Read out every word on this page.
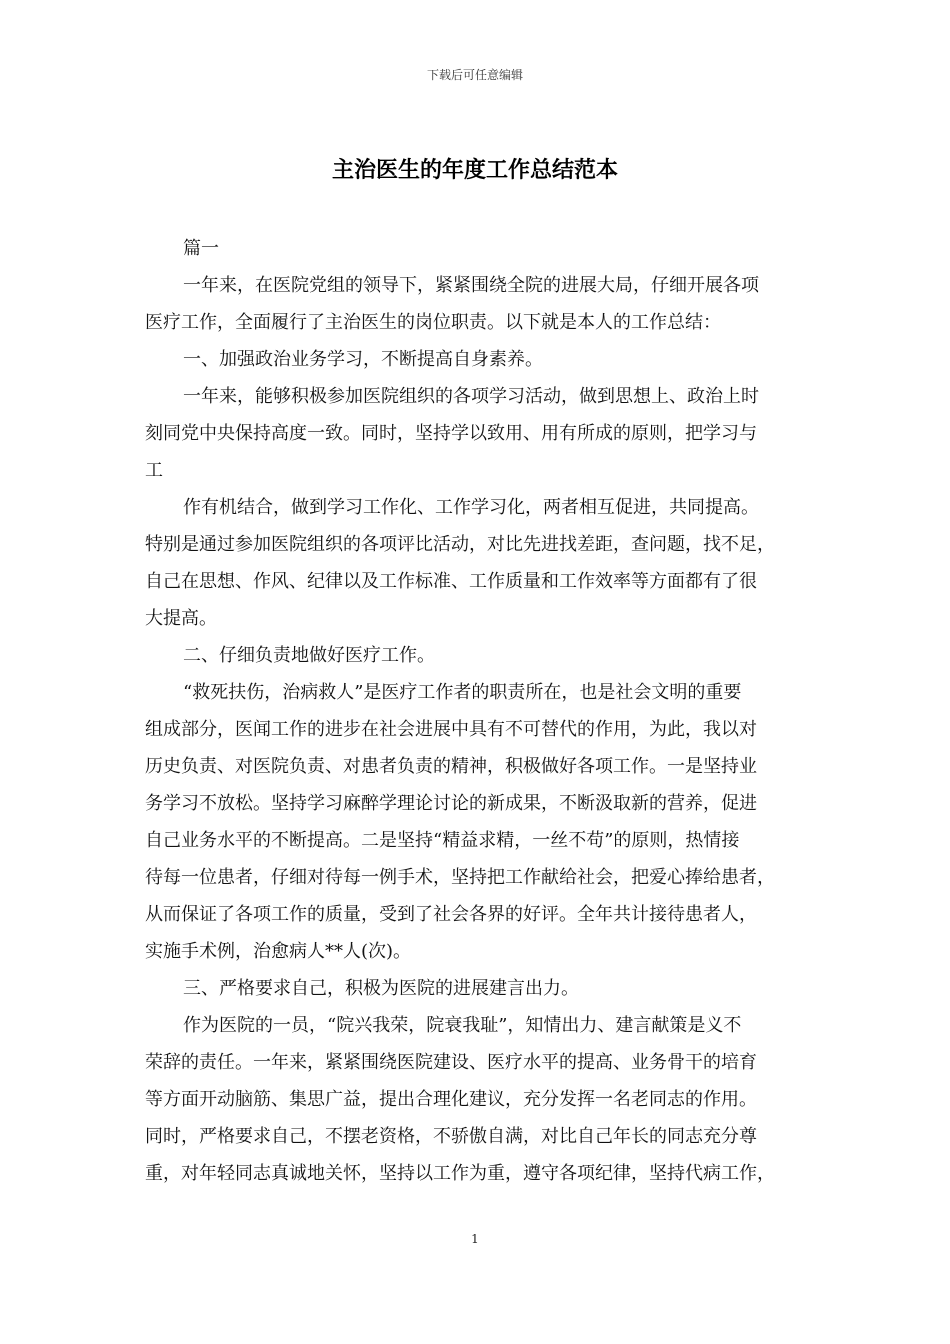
下载后可任意编辑
主治医生的年度工作总结范本
篇一
一年来，在医院党组的领导下，紧紧围绕全院的进展大局，仔细开展各项
医疗工作，全面履行了主治医生的岗位职责。以下就是本人的工作总结：
一、加强政治业务学习，不断提高自身素养。
一年来，能够积极参加医院组织的各项学习活动，做到思想上、政治上时
刻同党中央保持高度一致。同时，坚持学以致用、用有所成的原则，把学习与
工
作有机结合，做到学习工作化、工作学习化，两者相互促进，共同提高。
特别是通过参加医院组织的各项评比活动，对比先进找差距，查问题，找不足，
自己在思想、作风、纪律以及工作标准、工作质量和工作效率等方面都有了很
大提高。
二、仔细负责地做好医疗工作。
“救死扶伤，治病救人”是医疗工作者的职责所在，也是社会文明的重要
组成部分，医闻工作的进步在社会进展中具有不可替代的作用，为此，我以对
历史负责、对医院负责、对患者负责的精神，积极做好各项工作。一是坚持业
务学习不放松。坚持学习麻醉学理论讨论的新成果，不断汲取新的营养，促进
自己业务水平的不断提高。二是坚持“精益求精，一丝不苟”的原则，热情接
待每一位患者，仔细对待每一例手术，坚持把工作献给社会，把爱心捧给患者，
从而保证了各项工作的质量，受到了社会各界的好评。全年共计接待患者人，
实施手术例，治愈病人**人(次)。
三、严格要求自己，积极为医院的进展建言出力。
作为医院的一员，“院兴我荣，院衰我耻”，知情出力、建言献策是义不
荣辞的责任。一年来，紧紧围绕医院建设、医疗水平的提高、业务骨干的培育
等方面开动脑筋、集思广益，提出合理化建议，充分发挥一名老同志的作用。
同时，严格要求自己，不摆老资格，不骄傲自满，对比自己年长的同志充分尊
重，对年轻同志真诚地关怀，坚持以工作为重，遵守各项纪律，坚持代病工作，
1
